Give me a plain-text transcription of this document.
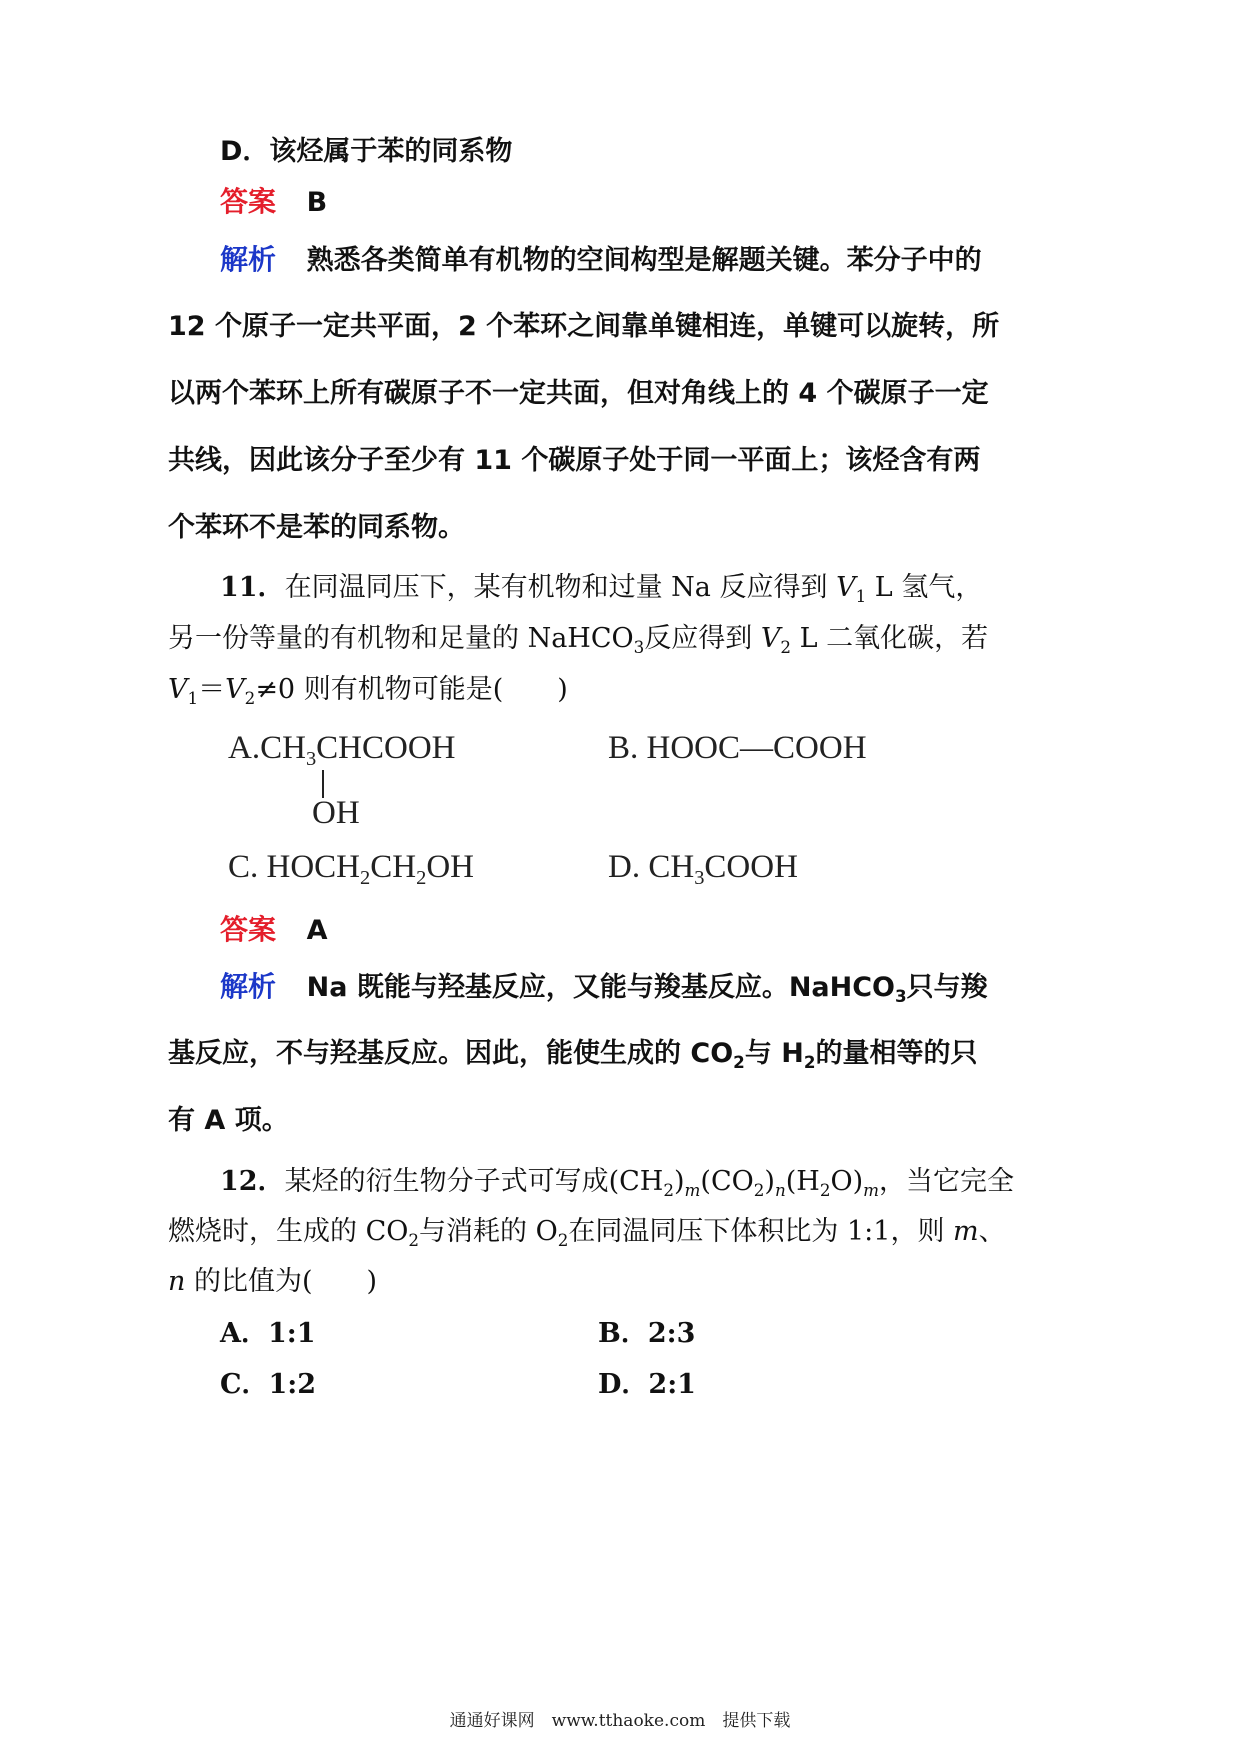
D．该烃属于苯的同系物
答案 B
解析 熟悉各类简单有机物的空间构型是解题关键。苯分子中的
12 个原子一定共平面，2 个苯环之间靠单键相连，单键可以旋转，所
以两个苯环上所有碳原子不一定共面，但对角线上的 4 个碳原子一定
共线，因此该分子至少有 11 个碳原子处于同一平面上；该烃含有两
个苯环不是苯的同系物。
11．在同温同压下，某有机物和过量 Na 反应得到 $V_1$ L 氢气，
另一份等量的有机物和足量的 NaHCO$_3$反应得到 $V_2$ L 二氧化碳，若
$V_1=V_2\ne 0$ 则有机物可能是(　　)
$A.CH_3CHCOOH$
OH
B. HOOC—COOH
C. $HOCH_2CH_2OH$	D. $CH_3COOH$
答案 A
解析 Na 既能与羟基反应，又能与羧基反应。NaHCO$_3$只与羧
基反应，不与羟基反应。因此，能使生成的 $CO_2$与 $H_2$的量相等的只
有 A 项。
12．某烃的衍生物分子式可写成$(CH_2)_m(CO_2)_n(H_2O)_m$，当它完全
燃烧时，生成的 $CO_2$与消耗的 $O_2$在同温同压下体积比为 1:1，则 m、
n 的比值为(　　)
A．1:1	B．2:3
C．1:2	D．2:1
通通好课网　www.tthaoke.com　提供下载
